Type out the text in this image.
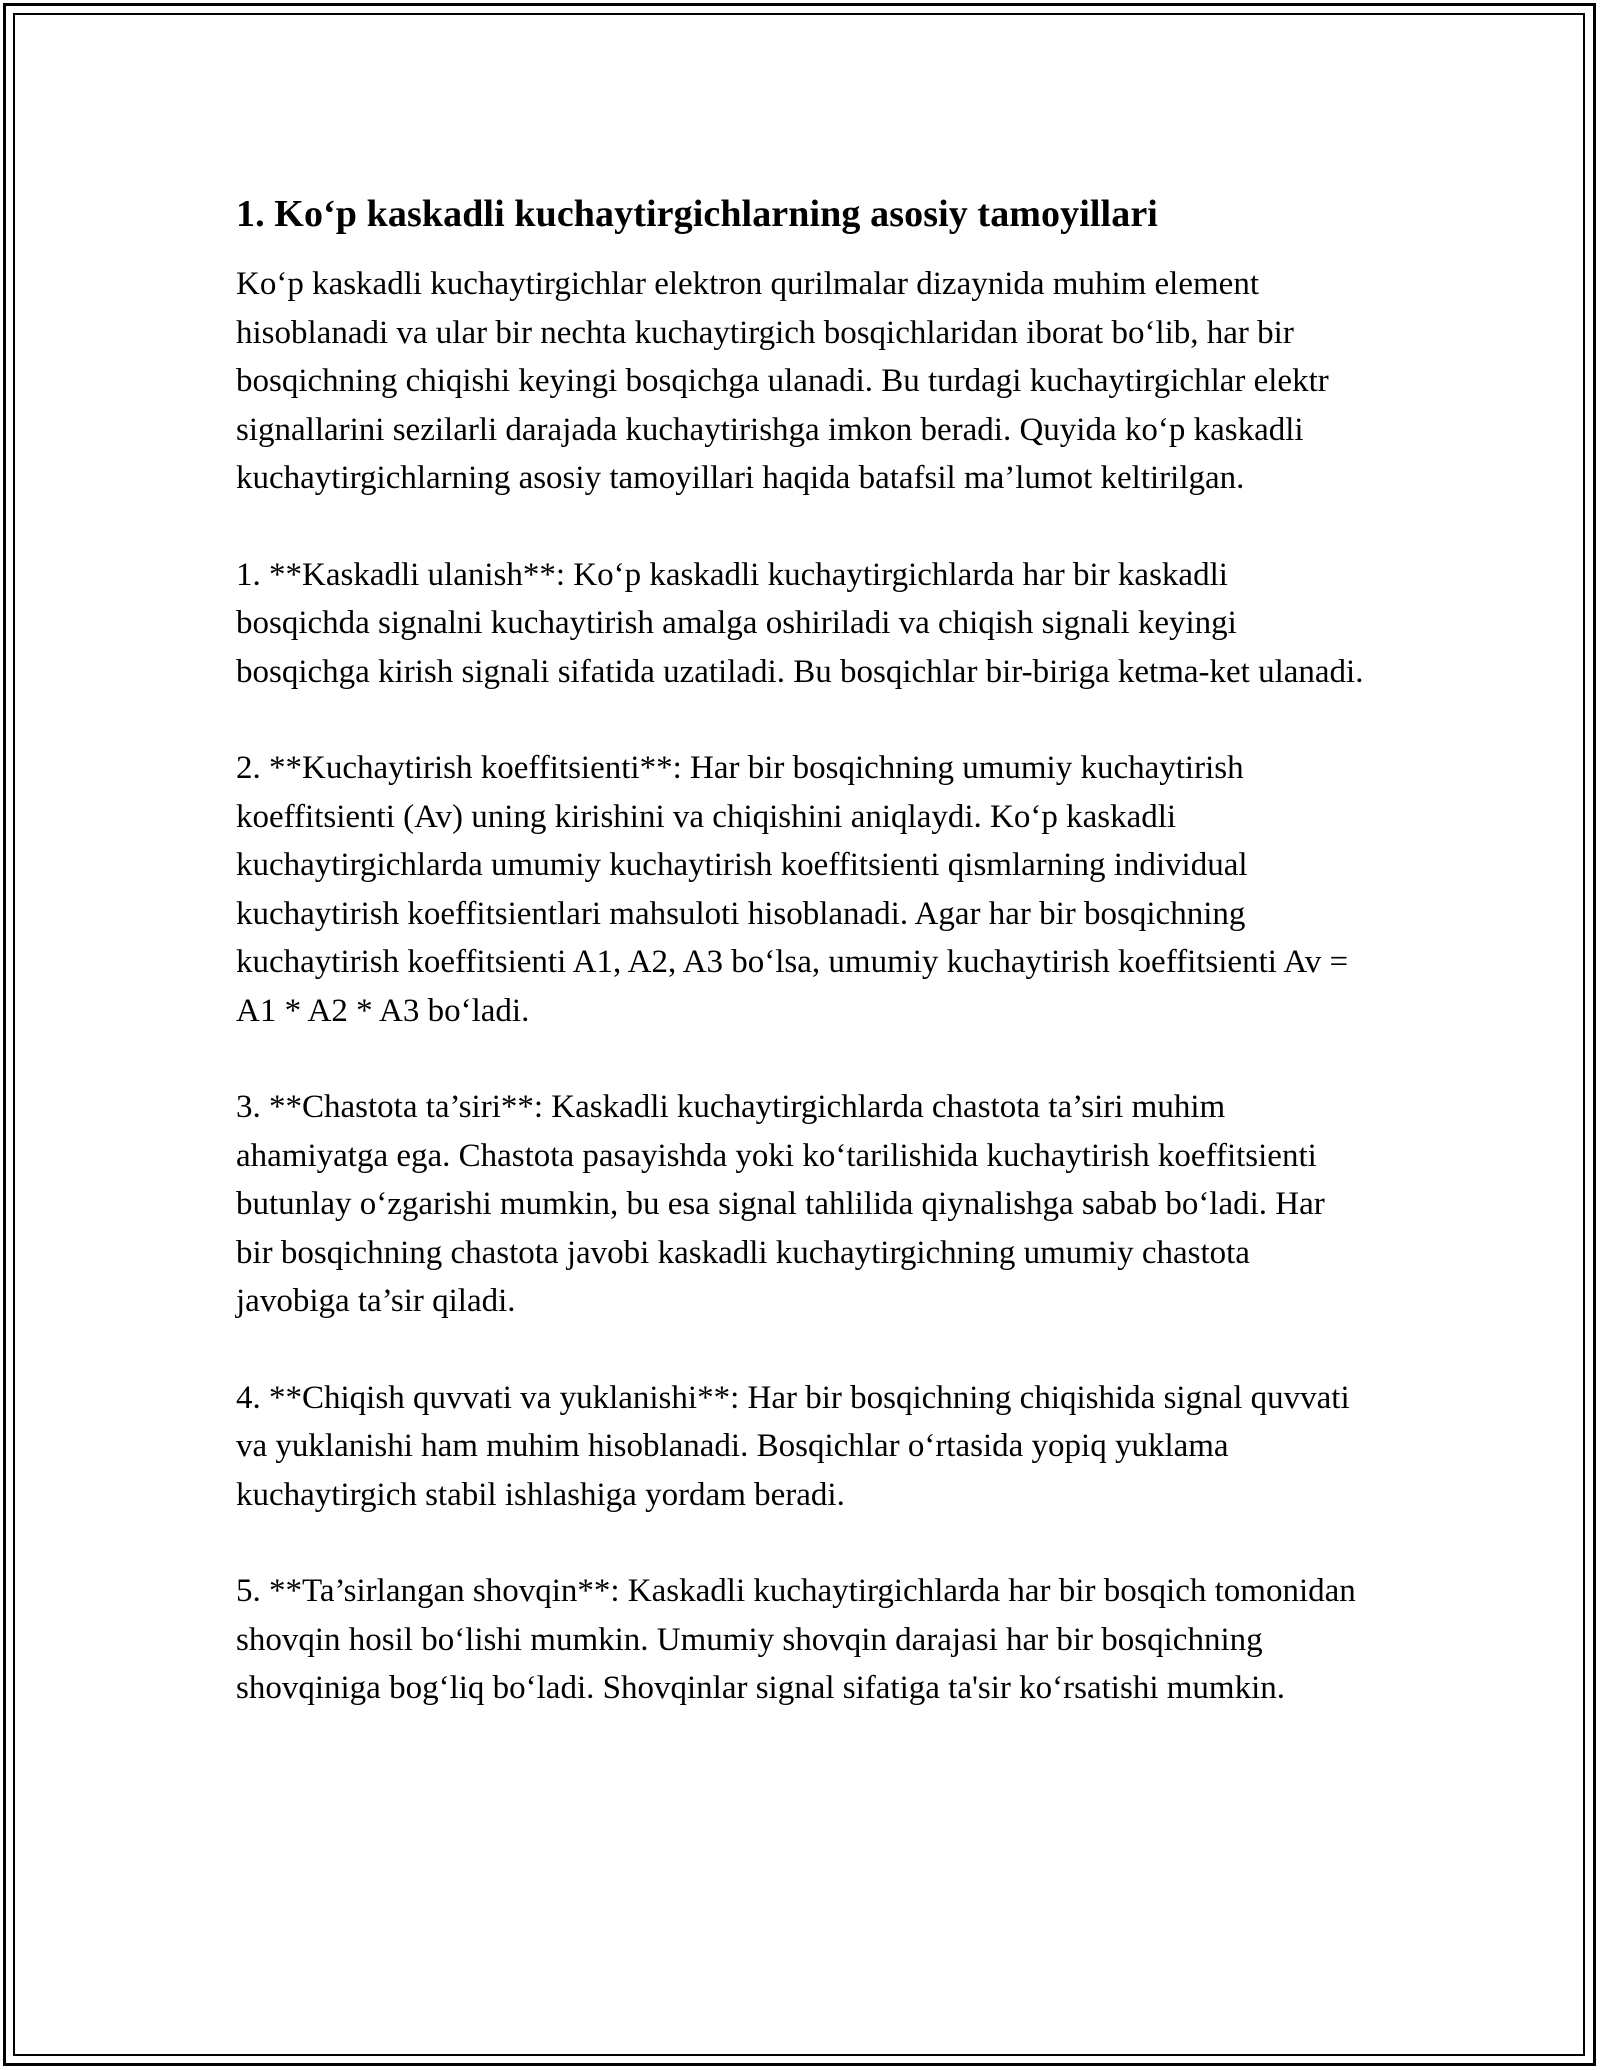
1. Ko‘p kaskadli kuchaytirgichlarning asosiy tamoyillari

Ko‘p kaskadli kuchaytirgichlar elektron qurilmalar dizaynida muhim element hisoblanadi va ular bir nechta kuchaytirgich bosqichlaridan iborat bo‘lib, har bir bosqichning chiqishi keyingi bosqichga ulanadi. Bu turdagi kuchaytirgichlar elektr signallarini sezilarli darajada kuchaytirishga imkon beradi. Quyida ko‘p kaskadli kuchaytirgichlarning asosiy tamoyillari haqida batafsil ma’lumot keltirilgan.

1. **Kaskadli ulanish**: Ko‘p kaskadli kuchaytirgichlarda har bir kaskadli bosqichda signalni kuchaytirish amalga oshiriladi va chiqish signali keyingi bosqichga kirish signali sifatida uzatiladi. Bu bosqichlar bir-biriga ketma-ket ulanadi.

2. **Kuchaytirish koeffitsienti**: Har bir bosqichning umumiy kuchaytirish koeffitsienti (Av) uning kirishini va chiqishini aniqlaydi. Ko‘p kaskadli kuchaytirgichlarda umumiy kuchaytirish koeffitsienti qismlarning individual kuchaytirish koeffitsientlari mahsuloti hisoblanadi. Agar har bir bosqichning kuchaytirish koeffitsienti A1, A2, A3 bo‘lsa, umumiy kuchaytirish koeffitsienti Av = A1 * A2 * A3 bo‘ladi.

3. **Chastota ta’siri**: Kaskadli kuchaytirgichlarda chastota ta’siri muhim ahamiyatga ega. Chastota pasayishda yoki ko‘tarilishida kuchaytirish koeffitsienti butunlay o‘zgarishi mumkin, bu esa signal tahlilida qiynalishga sabab bo‘ladi. Har bir bosqichning chastota javobi kaskadli kuchaytirgichning umumiy chastota javobiga ta’sir qiladi.

4. **Chiqish quvvati va yuklanishi**: Har bir bosqichning chiqishida signal quvvati va yuklanishi ham muhim hisoblanadi. Bosqichlar o‘rtasida yopiq yuklama kuchaytirgich stabil ishlashiga yordam beradi.

5. **Ta’sirlangan shovqin**: Kaskadli kuchaytirgichlarda har bir bosqich tomonidan shovqin hosil bo‘lishi mumkin. Umumiy shovqin darajasi har bir bosqichning shovqiniga bog‘liq bo‘ladi. Shovqinlar signal sifatiga ta'sir ko‘rsatishi mumkin.
